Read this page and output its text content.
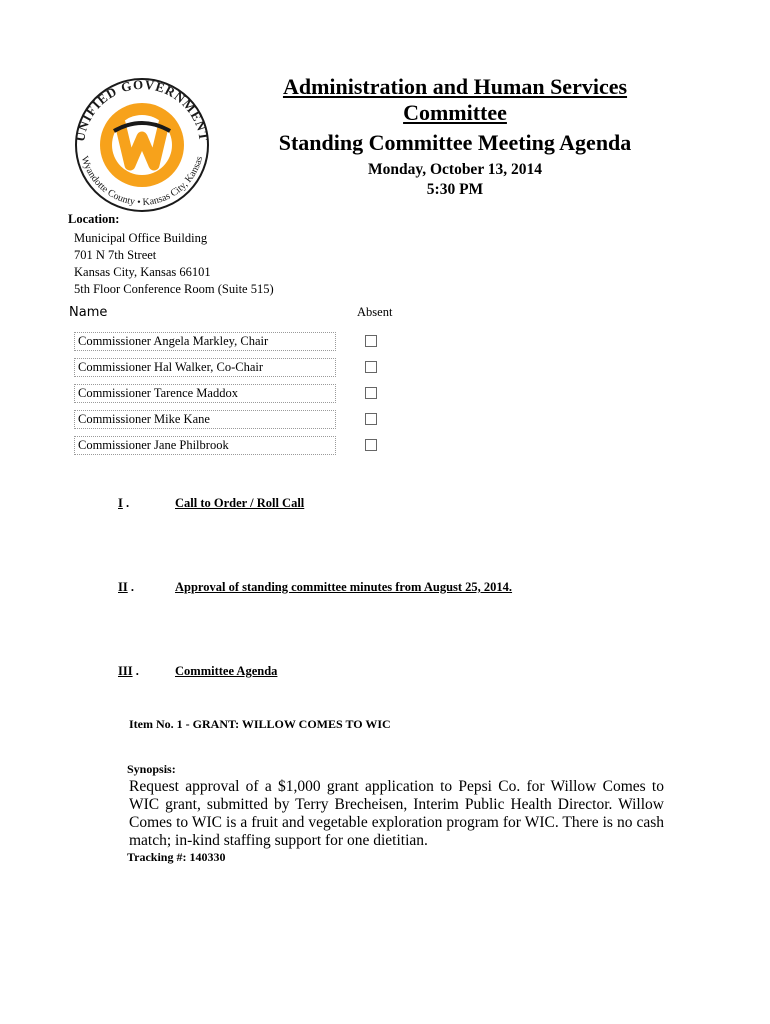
UNIFIED GOVERNMENT
Wyandotte County • Kansas City, Kansas
Administration and Human Services
Committee
Standing Committee Meeting Agenda
Monday, October 13, 2014
5:30 PM
Location:
Municipal Office Building
701 N 7th Street
Kansas City, Kansas 66101
5th Floor Conference Room (Suite 515)
Name	Absent
Commissioner Angela Markley, Chair
Commissioner Hal Walker, Co-Chair
Commissioner Tarence Maddox
Commissioner Mike Kane
Commissioner Jane Philbrook
I .	Call to Order / Roll Call
II .	Approval of standing committee minutes from August 25, 2014.
III .	Committee Agenda
Item No. 1 - GRANT: WILLOW COMES TO WIC
Synopsis:
Request approval of a $1,000 grant application to Pepsi Co. for Willow Comes to WIC grant, submitted by Terry Brecheisen, Interim Public Health Director. Willow Comes to WIC is a fruit and vegetable exploration program for WIC. There is no cash match; in-kind staffing support for one dietitian.
Tracking #: 140330
